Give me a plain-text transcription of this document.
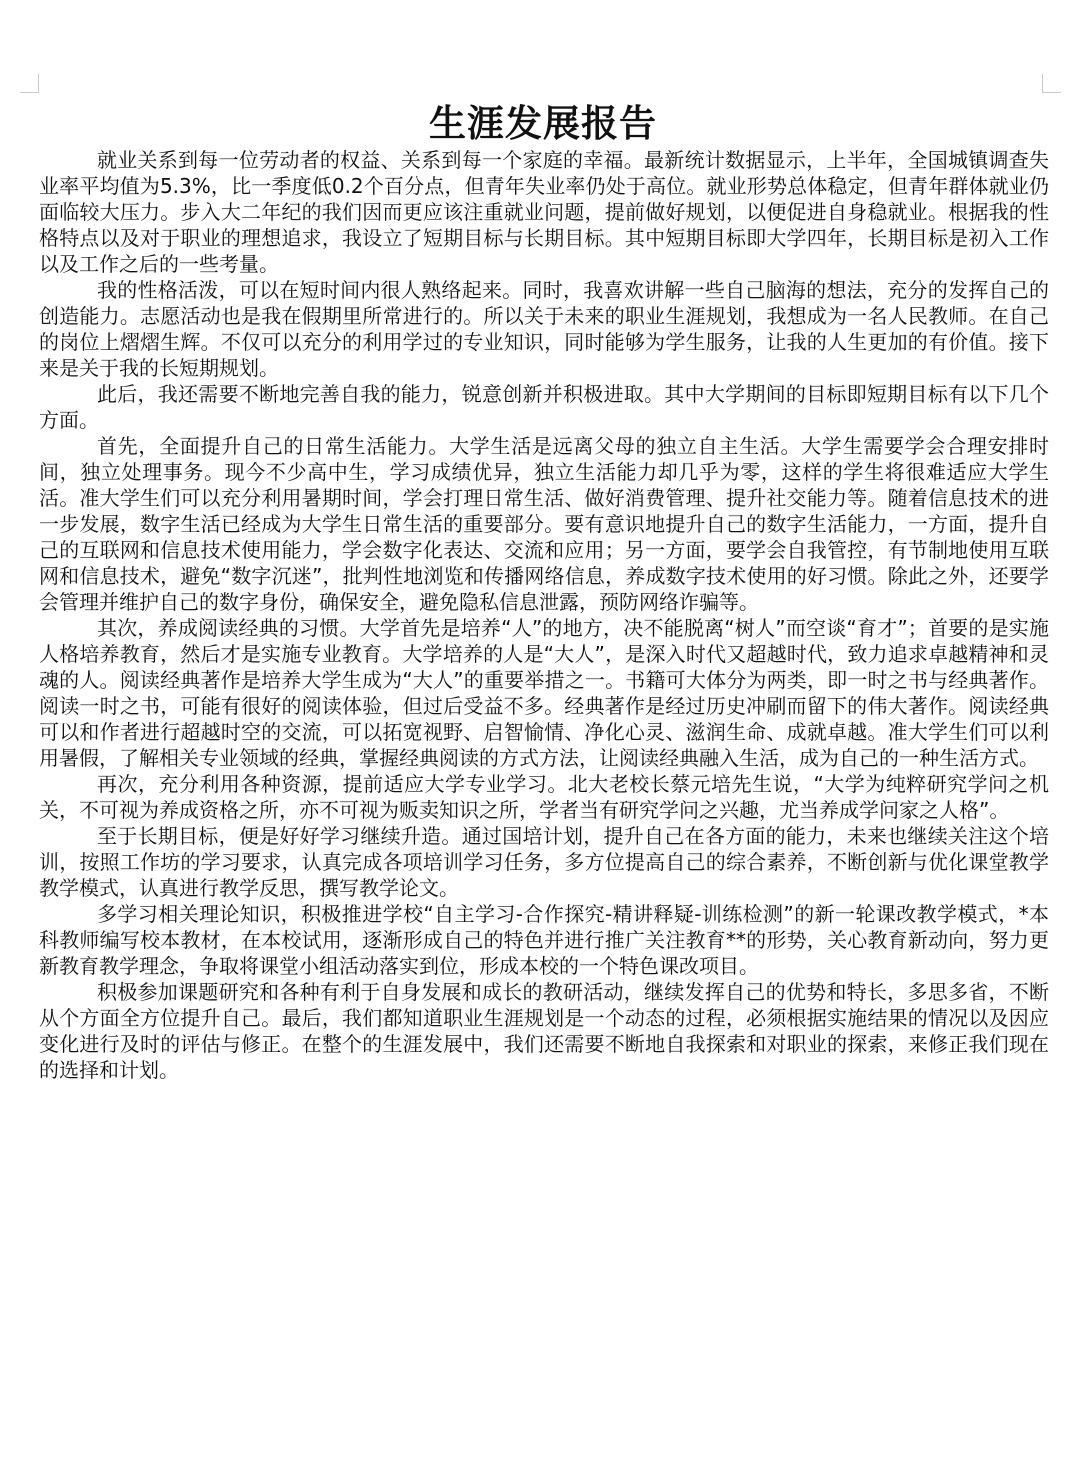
生涯发展报告

就业关系到每一位劳动者的权益、关系到每一个家庭的幸福。最新统计数据显示，上半年，全国城镇调查失业率平均值为5.3%，比一季度低0.2个百分点，但青年失业率仍处于高位。就业形势总体稳定，但青年群体就业仍面临较大压力。步入大二年纪的我们因而更应该注重就业问题，提前做好规划，以便促进自身稳就业。根据我的性格特点以及对于职业的理想追求，我设立了短期目标与长期目标。其中短期目标即大学四年，长期目标是初入工作以及工作之后的一些考量。

我的性格活泼，可以在短时间内很人熟络起来。同时，我喜欢讲解一些自己脑海的想法，充分的发挥自己的创造能力。志愿活动也是我在假期里所常进行的。所以关于未来的职业生涯规划，我想成为一名人民教师。在自己的岗位上熠熠生辉。不仅可以充分的利用学过的专业知识，同时能够为学生服务，让我的人生更加的有价值。接下来是关于我的长短期规划。

此后，我还需要不断地完善自我的能力，锐意创新并积极进取。其中大学期间的目标即短期目标有以下几个方面。

首先，全面提升自己的日常生活能力。大学生活是远离父母的独立自主生活。大学生需要学会合理安排时间，独立处理事务。现今不少高中生，学习成绩优异，独立生活能力却几乎为零，这样的学生将很难适应大学生活。准大学生们可以充分利用暑期时间，学会打理日常生活、做好消费管理、提升社交能力等。随着信息技术的进一步发展，数字生活已经成为大学生日常生活的重要部分。要有意识地提升自己的数字生活能力，一方面，提升自己的互联网和信息技术使用能力，学会数字化表达、交流和应用；另一方面，要学会自我管控，有节制地使用互联网和信息技术，避免“数字沉迷”，批判性地浏览和传播网络信息，养成数字技术使用的好习惯。除此之外，还要学会管理并维护自己的数字身份，确保安全，避免隐私信息泄露，预防网络诈骗等。

其次，养成阅读经典的习惯。大学首先是培养“人”的地方，决不能脱离“树人”而空谈“育才”；首要的是实施人格培养教育，然后才是实施专业教育。大学培养的人是“大人”，是深入时代又超越时代，致力追求卓越精神和灵魂的人。阅读经典著作是培养大学生成为“大人”的重要举措之一。书籍可大体分为两类，即一时之书与经典著作。阅读一时之书，可能有很好的阅读体验，但过后受益不多。经典著作是经过历史冲刷而留下的伟大著作。阅读经典可以和作者进行超越时空的交流，可以拓宽视野、启智愉情、净化心灵、滋润生命、成就卓越。准大学生们可以利用暑假，了解相关专业领域的经典，掌握经典阅读的方式方法，让阅读经典融入生活，成为自己的一种生活方式。

再次，充分利用各种资源，提前适应大学专业学习。北大老校长蔡元培先生说，“大学为纯粹研究学问之机关，不可视为养成资格之所，亦不可视为贩卖知识之所，学者当有研究学问之兴趣，尤当养成学问家之人格”。

至于长期目标，便是好好学习继续升造。通过国培计划，提升自己在各方面的能力，未来也继续关注这个培训，按照工作坊的学习要求，认真完成各项培训学习任务，多方位提高自己的综合素养，不断创新与优化课堂教学教学模式，认真进行教学反思，撰写教学论文。

多学习相关理论知识，积极推进学校“自主学习-合作探究-精讲释疑-训练检测”的新一轮课改教学模式，*本科教师编写校本教材，在本校试用，逐渐形成自己的特色并进行推广关注教育**的形势，关心教育新动向，努力更新教育教学理念，争取将课堂小组活动落实到位，形成本校的一个特色课改项目。

积极参加课题研究和各种有利于自身发展和成长的教研活动，继续发挥自己的优势和特长，多思多省，不断从个方面全方位提升自己。最后，我们都知道职业生涯规划是一个动态的过程，必须根据实施结果的情况以及因应变化进行及时的评估与修正。在整个的生涯发展中，我们还需要不断地自我探索和对职业的探索，来修正我们现在的选择和计划。
